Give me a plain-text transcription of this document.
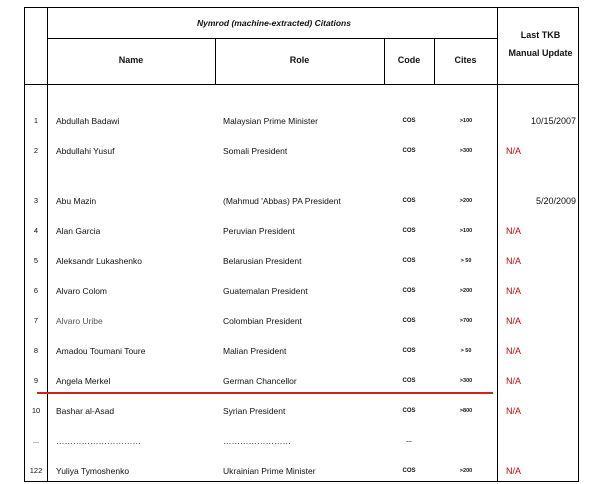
Nymrod (machine-extracted) Citations
Name	Role	Code	Cites
Last TKB
Manual Update
1	Abdullah Badawi	Malaysian Prime Minister	COS	>100	10/15/2007
2	Abdullahi Yusuf	Somali President	COS	>300	N/A
3	Abu Mazin	(Mahmud 'Abbas) PA President	COS	>200	5/20/2009
4	Alan Garcia	Peruvian President	COS	>100	N/A
5	Aleksandr Lukashenko	Belarusian President	COS	> 50	N/A
6	Alvaro Colom	Guatemalan President	COS	>200	N/A
7	Alvaro Uribe	Colombian President	COS	>700	N/A
8	Amadou Toumani Toure	Malian President	COS	> 50	N/A
9	Angela Merkel	German Chancellor	COS	>300	N/A
10	Bashar al-Asad	Syrian President	COS	>800	N/A
...	…………………………	……………………	…
122	Yuliya Tymoshenko	Ukrainian Prime Minister	COS	>200	N/A
